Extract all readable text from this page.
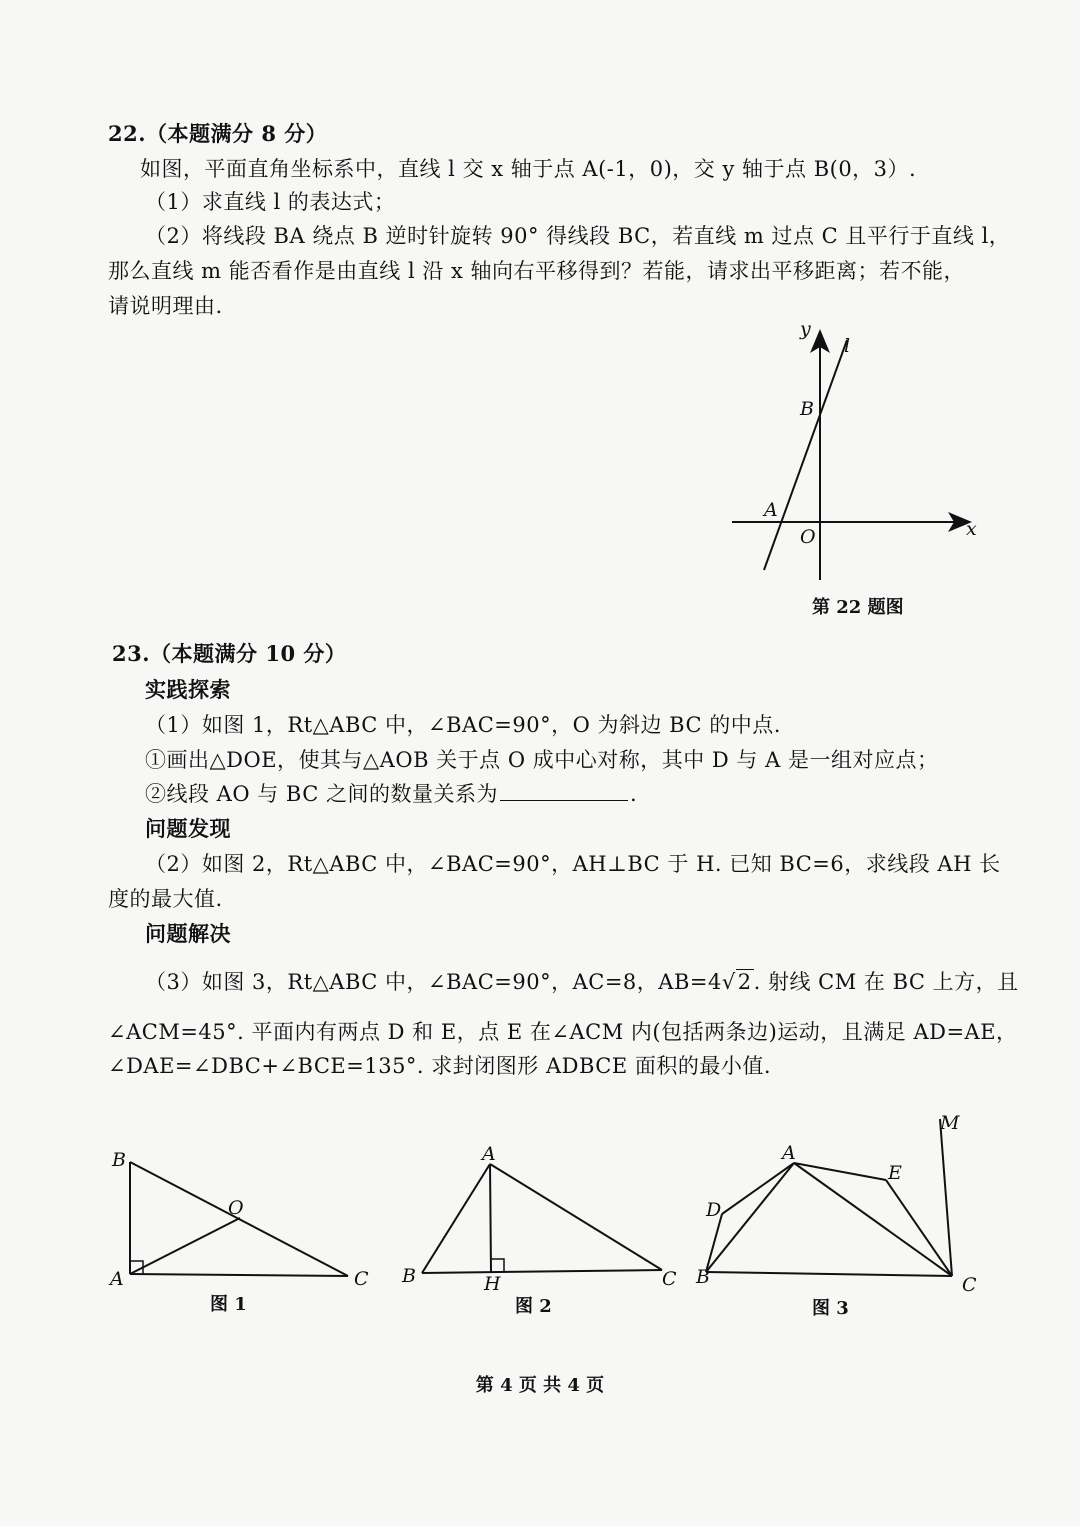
22.（本题满分 8 分）
如图，平面直角坐标系中，直线 l 交 x 轴于点 A(-1，0)，交 y 轴于点 B(0，3）.
（1）求直线 l 的表达式；
（2）将线段 BA 绕点 B 逆时针旋转 90° 得线段 BC，若直线 m 过点 C 且平行于直线 l，
那么直线 m 能否看作是由直线 l 沿 x 轴向右平移得到？若能，请求出平移距离；若不能，
请说明理由.
y
l
B
A
O	x
第 22 题图
23.（本题满分 10 分）
实践探索
（1）如图 1，Rt△ABC 中，∠BAC=90°，O 为斜边 BC 的中点.
①画出△DOE，使其与△AOB 关于点 O 成中心对称，其中 D 与 A 是一组对应点；
②线段 AO 与 BC 之间的数量关系为	.
问题发现
（2）如图 2，Rt△ABC 中，∠BAC=90°，AH⊥BC 于 H. 已知 BC=6，求线段 AH 长
度的最大值.
问题解决
（3）如图 3，Rt△ABC 中，∠BAC=90°，AC=8，AB=4√2. 射线 CM 在 BC 上方，且
∠ACM=45°. 平面内有两点 D 和 E，点 E 在∠ACM 内(包括两条边)运动，且满足 AD=AE，
∠DAE=∠DBC+∠BCE=135°. 求封闭图形 ADBCE 面积的最小值.
B
O
A	C
图 1
A
B	H	C
图 2
M
A
E
D
B	C
图 3
第 4 页 共 4 页
